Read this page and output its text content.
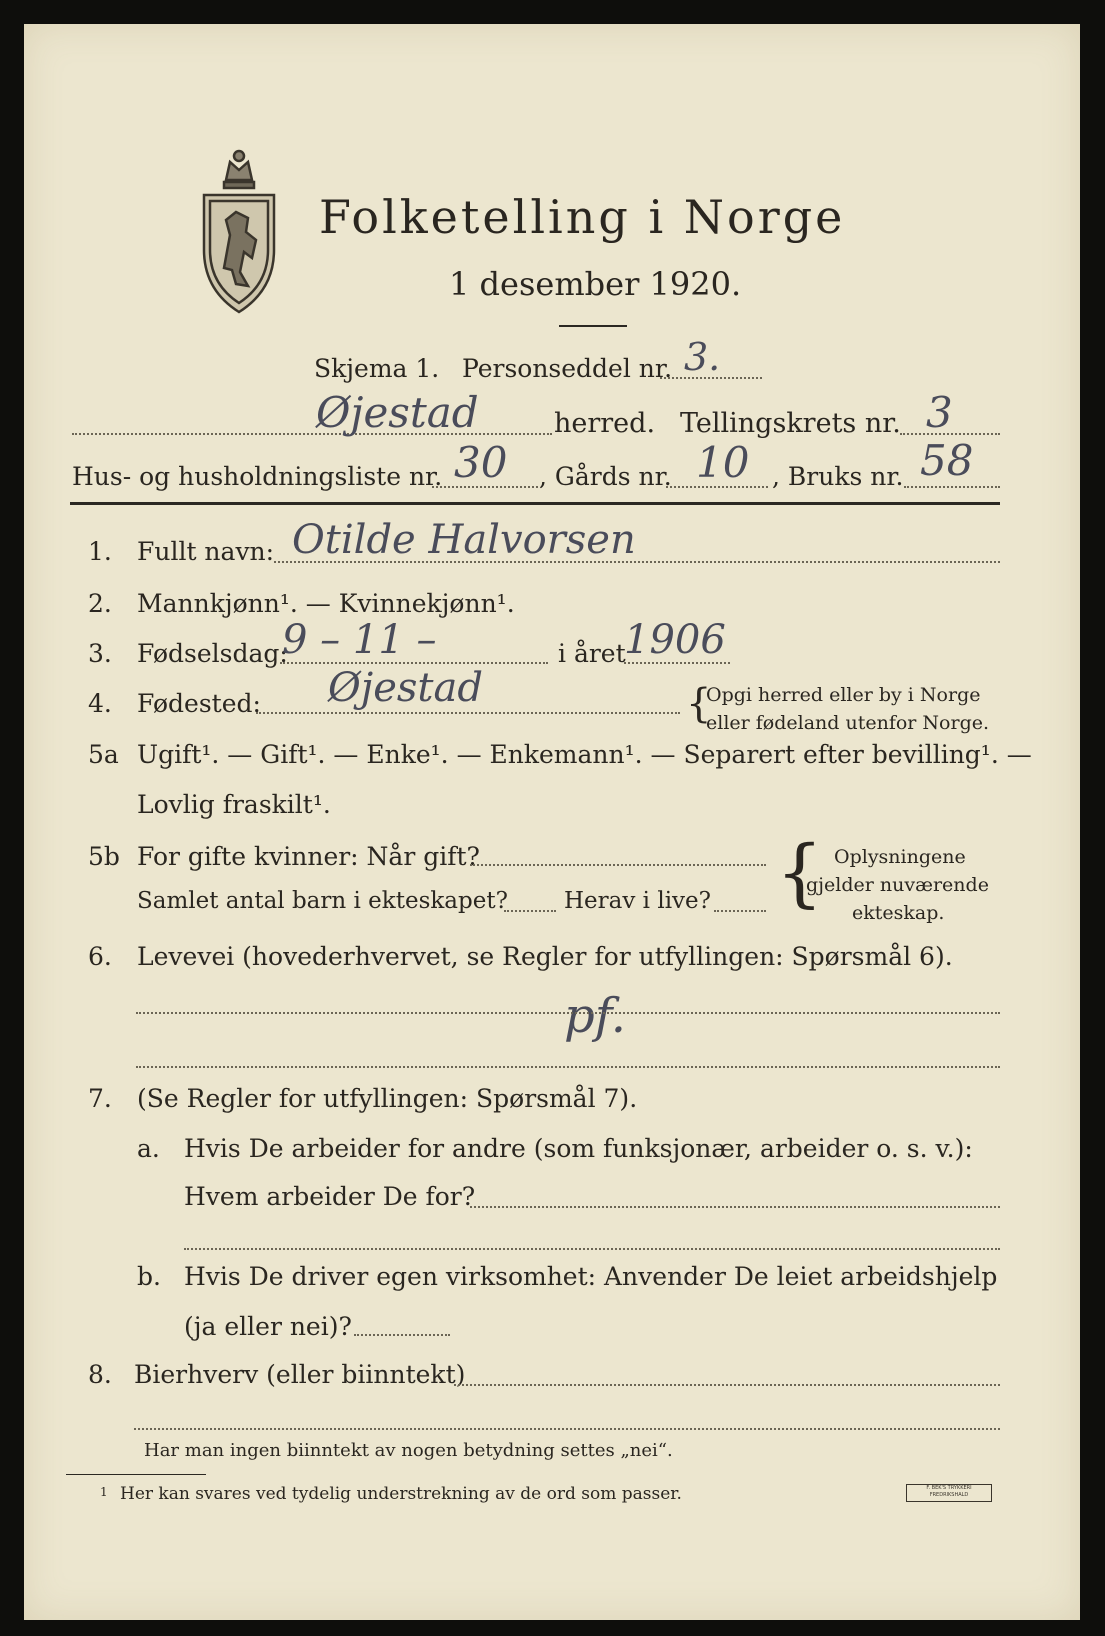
Folketelling i Norge
1 desember 1920.
Skjema 1. Personseddel nr. 3.
Øjestad	herred. Tellingskrets nr. 3
Hus- og husholdningsliste nr. 30 , Gårds nr. 10 , Bruks nr. 58
1. Fullt navn: Otilde Halvorsen
2. Mannkjønn¹. — Kvinnekjønn¹.
3. Fødselsdag:
9 – 11 –	i året
1906
4. Fødested: Øjestad	{
Opgi herred eller by i Norge
eller fødeland utenfor Norge.
5a Ugift¹. — Gift¹. — Enke¹. — Enkemann¹. — Separert efter bevilling¹. —
Lovlig fraskilt¹.
5b For gifte kvinner: Når gift?
Samlet antal barn i ekteskapet? Herav i live? { Oplysningene
gjelder nuværende
ekteskap.
6. Levevei (hovederhvervet, se Regler for utfyllingen: Spørsmål 6).
pf.
7. (Se Regler for utfyllingen: Spørsmål 7).
a. Hvis De arbeider for andre (som funksjonær, arbeider o. s. v.):
Hvem arbeider De for?
b. Hvis De driver egen virksomhet: Anvender De leiet arbeidshjelp
(ja eller nei)?
8. Bierhverv (eller biinntekt)
Har man ingen biinntekt av nogen betydning settes „nei“.
1 Her kan svares ved tydelig understrekning av de ord som passer.	F. BEK'S TRYKKERI FREDRIKSHALD
